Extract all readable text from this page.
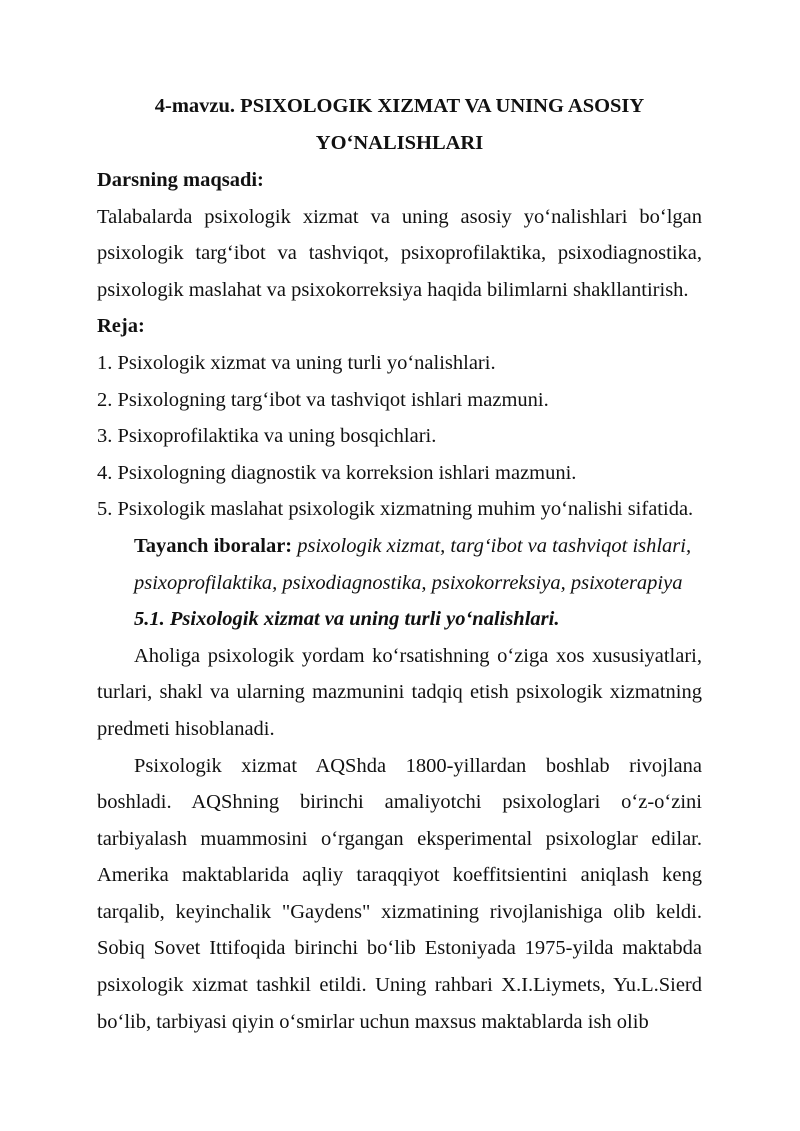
4-mavzu. PSIXOLOGIK XIZMAT VA UNING ASOSIY

YO‘NALISHLARI

Darsning maqsadi:

Talabalarda psixologik xizmat va uning asosiy yo‘nalishlari bo‘lgan psixologik targ‘ibot va tashviqot, psixoprofilaktika, psixodiagnostika, psixologik maslahat va psixokorreksiya haqida bilimlarni shakllantirish.

Reja:

1. Psixologik xizmat va uning turli yo‘nalishlari.
2. Psixologning targ‘ibot va tashviqot ishlari mazmuni.
3. Psixoprofilaktika va uning bosqichlari.
4. Psixologning diagnostik va korreksion ishlari mazmuni.
5. Psixologik maslahat psixologik xizmatning muhim yo‘nalishi sifatida.

Tayanch iboralar: psixologik xizmat, targ‘ibot va tashviqot ishlari, psixoprofilaktika, psixodiagnostika, psixokorreksiya, psixoterapiya

5.1. Psixologik xizmat va uning turli yo‘nalishlari.

Aholiga psixologik yordam ko‘rsatishning o‘ziga xos xususiyatlari, turlari, shakl va ularning mazmunini tadqiq etish psixologik xizmatning predmeti hisoblanadi.

Psixologik xizmat AQShda 1800-yillardan boshlab rivojlana boshladi. AQShning birinchi amaliyotchi psixologlari o‘z-o‘zini tarbiyalash muammosini o‘rgangan eksperimental psixologlar edilar. Amerika maktablarida aqliy taraqqiyot koeffitsientini aniqlash keng tarqalib, keyinchalik "Gaydens" xizmatining rivojlanishiga olib keldi. Sobiq Sovet Ittifoqida birinchi bo‘lib Estoniyada 1975-yilda maktabda psixologik xizmat tashkil etildi. Uning rahbari X.I.Liymets, Yu.L.Sierd bo‘lib, tarbiyasi qiyin o‘smirlar uchun maxsus maktablarda ish olib
